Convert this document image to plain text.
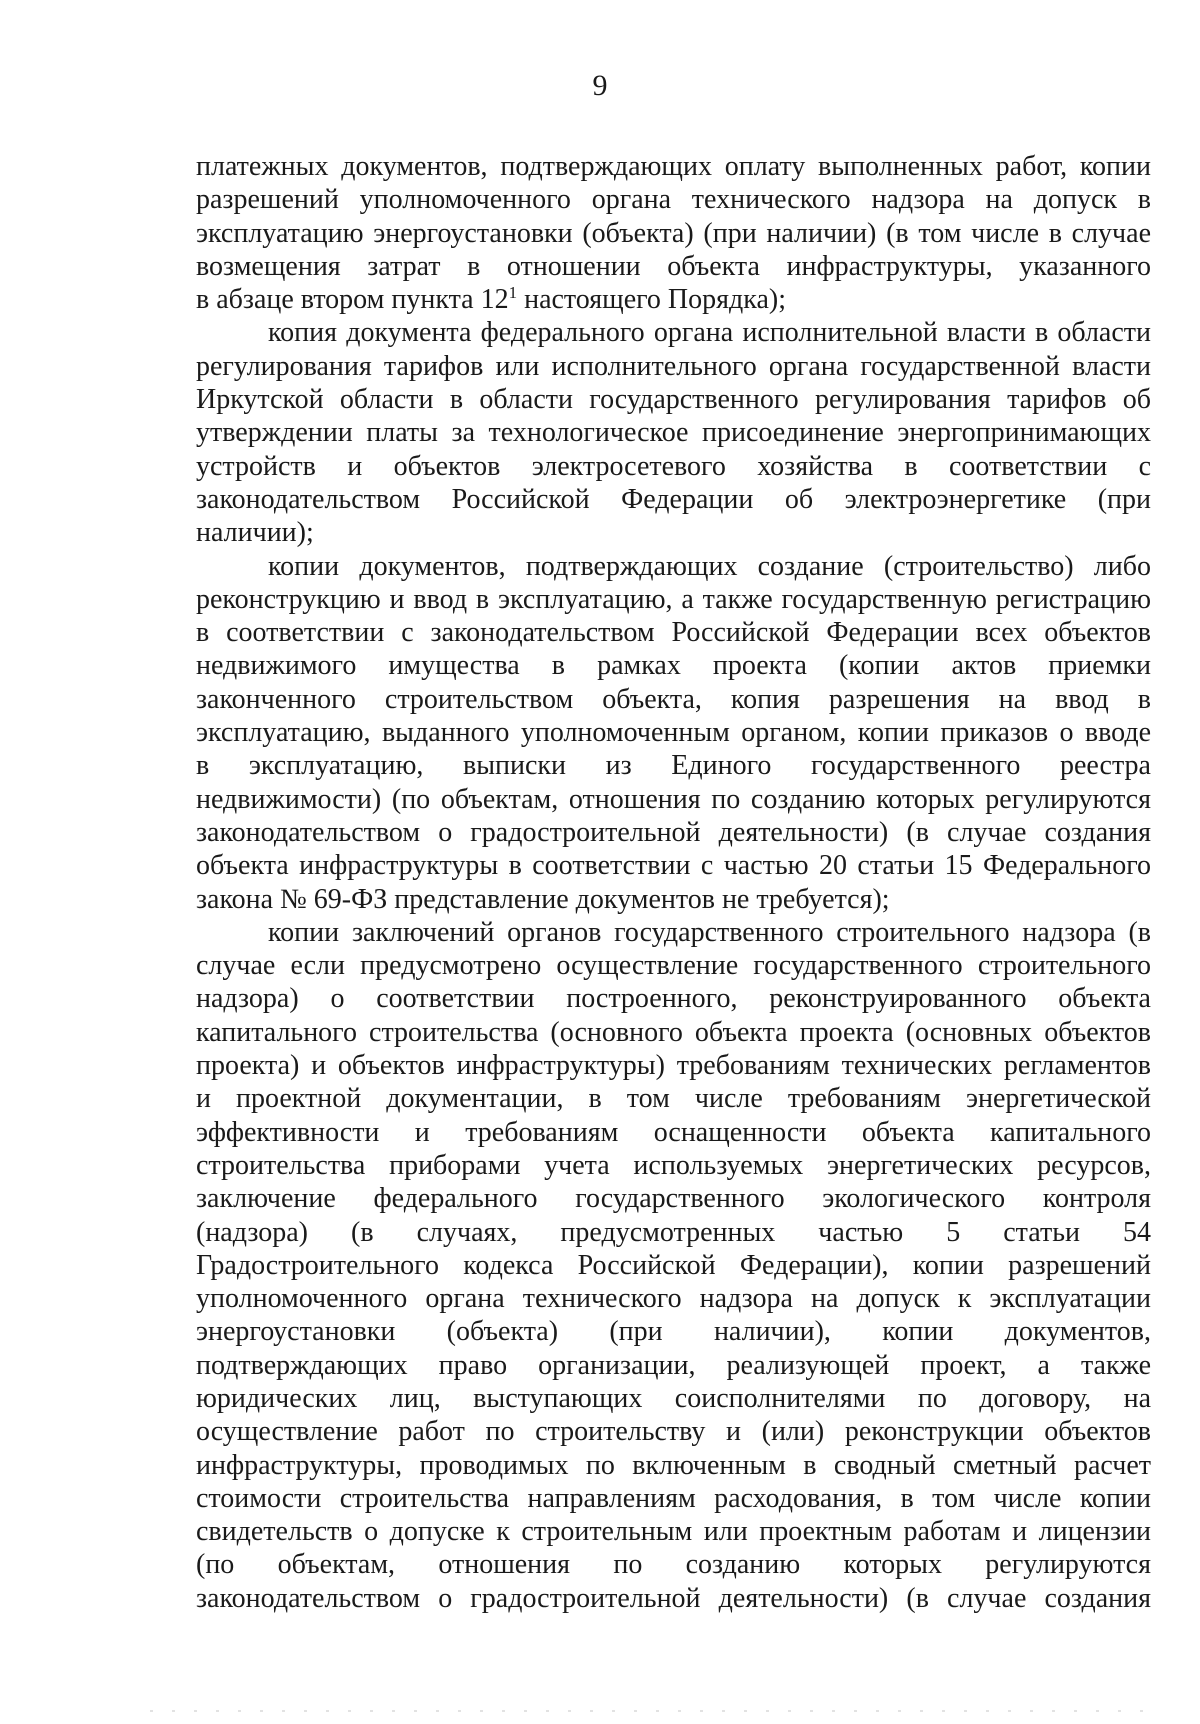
9
платежных документов, подтверждающих оплату выполненных работ, копии
разрешений уполномоченного органа технического надзора на допуск в
эксплуатацию энергоустановки (объекта) (при наличии) (в том числе в случае
возмещения затрат в отношении объекта инфраструктуры, указанного
в абзаце втором пункта $12^1$ настоящего Порядка);
копия документа федерального органа исполнительной власти в области
регулирования тарифов или исполнительного органа государственной власти
Иркутской области в области государственного регулирования тарифов об
утверждении платы за технологическое присоединение энергопринимающих
устройств и объектов электросетевого хозяйства в соответствии с
законодательством Российской Федерации об электроэнергетике (при
наличии);
копии документов, подтверждающих создание (строительство) либо
реконструкцию и ввод в эксплуатацию, а также государственную регистрацию
в соответствии с законодательством Российской Федерации всех объектов
недвижимого имущества в рамках проекта (копии актов приемки
законченного строительством объекта, копия разрешения на ввод в
эксплуатацию, выданного уполномоченным органом, копии приказов о вводе
в эксплуатацию, выписки из Единого государственного реестра
недвижимости) (по объектам, отношения по созданию которых регулируются
законодательством о градостроительной деятельности) (в случае создания
объекта инфраструктуры в соответствии с частью 20 статьи 15 Федерального
закона № 69-ФЗ представление документов не требуется);
копии заключений органов государственного строительного надзора (в
случае если предусмотрено осуществление государственного строительного
надзора) о соответствии построенного, реконструированного объекта
капитального строительства (основного объекта проекта (основных объектов
проекта) и объектов инфраструктуры) требованиям технических регламентов
и проектной документации, в том числе требованиям энергетической
эффективности и требованиям оснащенности объекта капитального
строительства приборами учета используемых энергетических ресурсов,
заключение федерального государственного экологического контроля
(надзора) (в случаях, предусмотренных частью 5 статьи 54
Градостроительного кодекса Российской Федерации), копии разрешений
уполномоченного органа технического надзора на допуск к эксплуатации
энергоустановки (объекта) (при наличии), копии документов,
подтверждающих право организации, реализующей проект, а также
юридических лиц, выступающих соисполнителями по договору, на
осуществление работ по строительству и (или) реконструкции объектов
инфраструктуры, проводимых по включенным в сводный сметный расчет
стоимости строительства направлениям расходования, в том числе копии
свидетельств о допуске к строительным или проектным работам и лицензии
(по объектам, отношения по созданию которых регулируются
законодательством о градостроительной деятельности) (в случае создания
